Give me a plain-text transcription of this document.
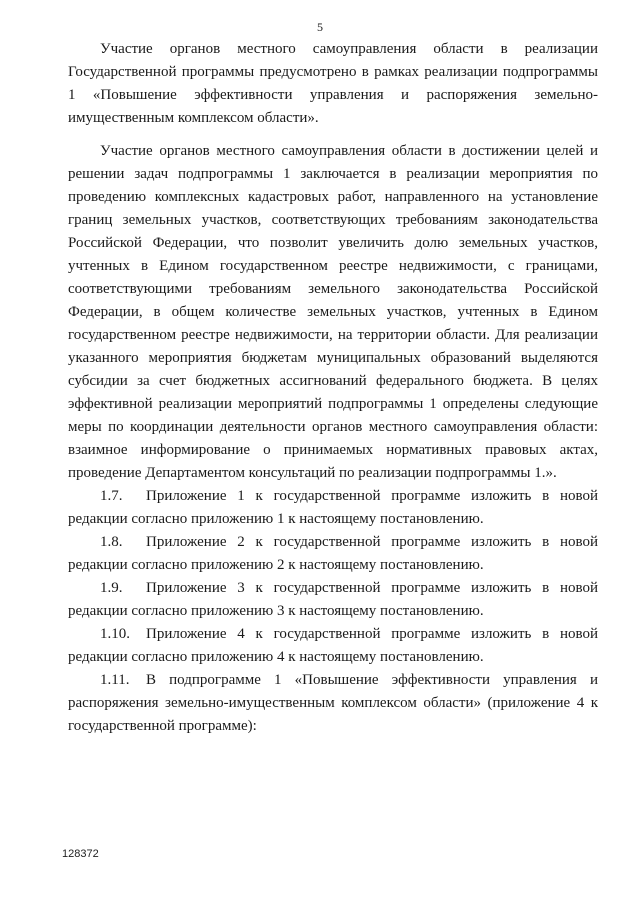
5

Участие органов местного самоуправления области в реализации Государственной программы предусмотрено в рамках реализации подпрограммы 1 «Повышение эффективности управления и распоряжения земельно-имущественным комплексом области».

Участие органов местного самоуправления области в достижении целей и решении задач подпрограммы 1 заключается в реализации мероприятия по проведению комплексных кадастровых работ, направленного на установление границ земельных участков, соответствующих требованиям законодательства Российской Федерации, что позволит увеличить долю земельных участков, учтенных в Едином государственном реестре недвижимости, с границами, соответствующими требованиям земельного законодательства Российской Федерации, в общем количестве земельных участков, учтенных в Едином государственном реестре недвижимости, на территории области. Для реализации указанного мероприятия бюджетам муниципальных образований выделяются субсидии за счет бюджетных ассигнований федерального бюджета. В целях эффективной реализации мероприятий подпрограммы 1 определены следующие меры по координации деятельности органов местного самоуправления области: взаимное информирование о принимаемых нормативных правовых актах, проведение Департаментом консультаций по реализации подпрограммы 1.».

1.7. Приложение 1 к государственной программе изложить в новой редакции согласно приложению 1 к настоящему постановлению.

1.8. Приложение 2 к государственной программе изложить в новой редакции согласно приложению 2 к настоящему постановлению.

1.9. Приложение 3 к государственной программе изложить в новой редакции согласно приложению 3 к настоящему постановлению.

1.10. Приложение 4 к государственной программе изложить в новой редакции согласно приложению 4 к настоящему постановлению.

1.11. В подпрограмме 1 «Повышение эффективности управления и распоряжения земельно-имущественным комплексом области» (приложение 4 к государственной программе):

128372
